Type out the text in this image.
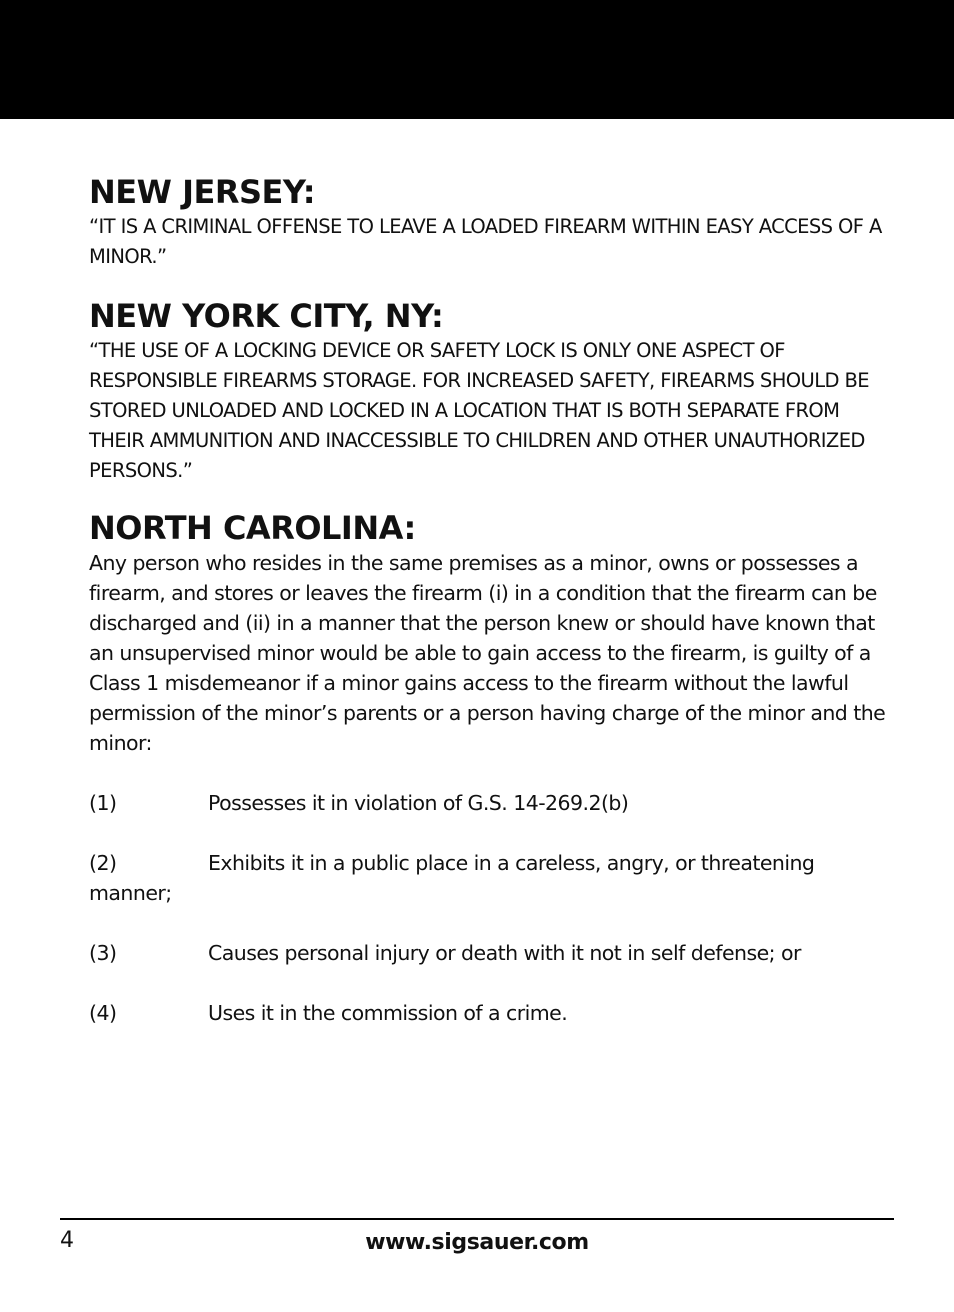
NEW JERSEY:

“IT IS A CRIMINAL OFFENSE TO LEAVE A LOADED FIREARM WITHIN EASY ACCESS OF A MINOR.”

NEW YORK CITY, NY:

“THE USE OF A LOCKING DEVICE OR SAFETY LOCK IS ONLY ONE ASPECT OF RESPONSIBLE FIREARMS STORAGE. FOR INCREASED SAFETY, FIREARMS SHOULD BE STORED UNLOADED AND LOCKED IN A LOCATION THAT IS BOTH SEPARATE FROM THEIR AMMUNITION AND INACCESSIBLE TO CHILDREN AND OTHER UNAUTHORIZED PERSONS.”

NORTH CAROLINA:

Any person who resides in the same premises as a minor, owns or possesses a firearm, and stores or leaves the firearm (i) in a condition that the firearm can be discharged and (ii) in a manner that the person knew or should have known that an unsupervised minor would be able to gain access to the firearm, is guilty of a Class 1 misdemeanor if a minor gains access to the firearm without the lawful permission of the minor’s parents or a person having charge of the minor and the minor:

(1)	Possesses it in violation of G.S. 14-269.2(b)
(2)	Exhibits it in a public place in a careless, angry, or threatening manner;
(3)	Causes personal injury or death with it not in self defense; or
(4)	Uses it in the commission of a crime.
4	www.sigsauer.com
